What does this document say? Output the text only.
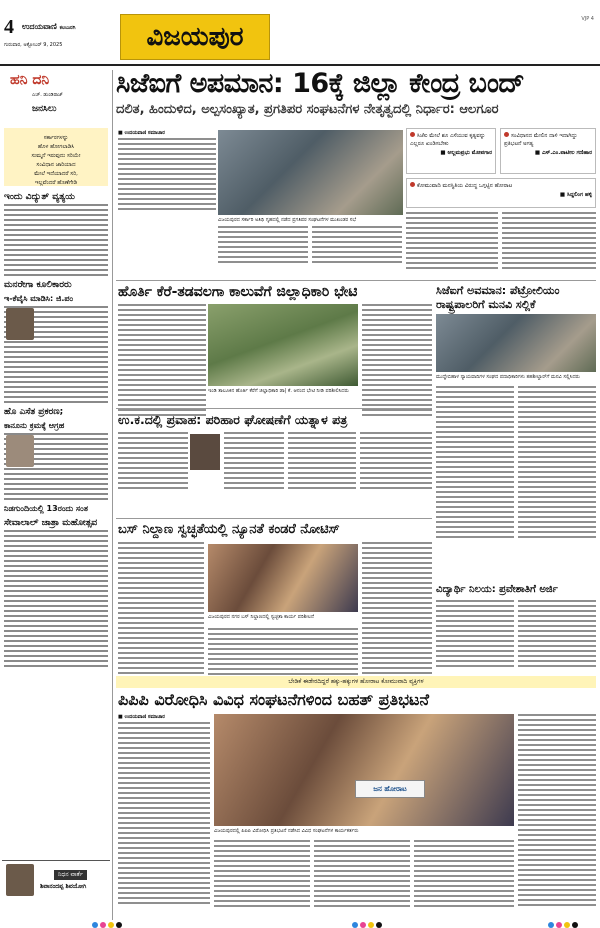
4 ಉದಯವಾಣಿ ಕಲಬುರಗಿ
ಗುರುವಾರ, ಅಕ್ಟೋಬರ್ 9, 2025	ವಿಜಯಪುರ
VJP 4
ಹನಿ ದನಿ
ಎಚ್. ಡುಂಡಿರಾಜ್
ಜನಸಿಲು

ಸರ್ಕಾರಗಳನ್ನು

ಹೊಳ ಹೋಗಲಾಡಿಸಿ

ಸುಮ್ಮನೆ ಇರುವುದು ಸರಿಯೇ

ಸಂವಿಧಾನ ಜಾರಿಯಾದ

ಮೇಲೆ ಇದೆಯಾದರೆ ಸರಿ,

ಇಲ್ಲವೆಂದರೆ ಹೊಣೆಗೇಡಿ

ಇಂದು ವಿದ್ಯುತ್ ವ್ಯತ್ಯಯ
ಮನರೇಗಾ ಕೂಲಿಕಾರರು
ಇ-ಕೆವೈಸಿ ಮಾಡಿಸಿ: ಜಿ.ಪಂ
ಹೊ ಎಸೆತ ಪ್ರಕರಣ;
ಕಾನೂನು ಕ್ರಮಕ್ಕೆ ಆಗ್ರಹ
ನಿಡಗುಂದಿಯಲ್ಲಿ 13ರಂದು ಸಂತ
ಸೇವಾಲಾಲ್ ಜಾತ್ರಾ ಮಹೋತ್ಸವ
ನಿಧನ ವಾರ್ತೆ
ಶಿವಾನಂದಪ್ಪ ಶಿವಯೋಗಿ
ಸಿಜೆಐಗೆ ಅಪಮಾನ: 16ಕ್ಕೆ ಜಿಲ್ಲಾ ಕೇಂದ್ರ ಬಂದ್
ದಲಿತ, ಹಿಂದುಳಿದ, ಅಲ್ಪಸಂಖ್ಯಾತ, ಪ್ರಗತಿಪರ ಸಂಘಟನೆಗಳ ನೇತೃತ್ವದಲ್ಲಿ ನಿರ್ಧಾರ: ಆಲಗೂರ
■ ಉದಯವಾಣಿ ಸಮಾಚಾರ
ವಿಜಯಪುರದ ಸರ್ಕಾರಿ ಅತಿಥಿ ಗೃಹದಲ್ಲಿ ನಡೆದ ಪ್ರಗತಿಪರ ಸಂಘಟನೆಗಳ ಮುಖಂಡರ ಸಭೆ
ಸಿಜೆಐ ಮೇಲೆ ಶೂ ಎಸೆಯುವ ಕೃತ್ಯವನ್ನು ಎಲ್ಲರೂ ಖಂಡಿಸಬೇಕು
■ ಅಲ್ಲಮಪ್ರಭು ಮೋಪಗಾರ
ಸಂವಿಧಾನದ ಮೇಲಿನ ದಾಳಿ ಇದಾಗಿದ್ದು ಪ್ರತಿಭಟನೆ ಅಗತ್ಯ
■ ಎಸ್.ಎಂ.ಪಾಟೀಲ ಗಣಿಹಾರ
ಕೋಮುವಾದಿ ಮನಸ್ಥಿತಿಯ ವಿರುದ್ಧ ಒಗ್ಗಟ್ಟಿನ ಹೋರಾಟ
■ ಸಿದ್ದಲಿಂಗ ಹಳ್ಳಿ
ಹೊರ್ತಿ ಕೆರೆ-ತಡವಲಗಾ ಕಾಲುವೆಗೆ ಜಿಲ್ಲಾಧಿಕಾರಿ ಭೇಟಿ
ಇಂಡಿ ತಾಲೂಕಿನ ಹೊರ್ತಿ ಕೆರೆಗೆ ಜಿಲ್ಲಾಧಿಕಾರಿ ಡಾ| ಕೆ. ಆನಂದ ಭೇಟಿ ನೀಡಿ ಪರಿಶೀಲಿಸಿದರು
ಸಿಜೆಐಗೆ ಅವಮಾನ: ಪೆಟ್ರೋಲಿಯಂ
ರಾಷ್ಟ್ರಪಾಲರಿಗೆ ಮನವಿ ಸಲ್ಲಿಕೆ
ಮುದ್ದೇಬಿಹಾಳ ನ್ಯಾಯವಾದಿಗಳ ಸಂಘದ ಪದಾಧಿಕಾರಿಗಳು ತಹಶೀಲ್ದಾರ್‌ಗೆ ಮನವಿ ಸಲ್ಲಿಸಿದರು
ಉ.ಕ.ದಲ್ಲಿ ಪ್ರವಾಹ: ಪರಿಹಾರ ಘೋಷಣೆಗೆ ಯತ್ನಾಳ ಪತ್ರ
ಬಸ್ ನಿಲ್ದಾಣ ಸ್ವಚ್ಛತೆಯಲ್ಲಿ ನ್ಯೂನತೆ ಕಂಡರೆ ನೋಟಿಸ್
ವಿಜಯಪುರದ ನಗರ ಬಸ್ ನಿಲ್ದಾಣದಲ್ಲಿ ಸ್ವಚ್ಛತಾ ಕಾರ್ಯ ಪರಿಶೀಲನೆ
ವಿದ್ಯಾರ್ಥಿ ನಿಲಯ: ಪ್ರವೇಶಾತಿಗೆ ಅರ್ಜಿ
ಬೇಡಿಕೆ ಈಡೇರದಿದ್ದರೆ ಹಕ್ಕು-ಹಕ್ಕುಗಳ ಹೋರಾಟ ಕೋಮುವಾದಿ ವ್ಯಕ್ತಿಗಳ
ಪಿಪಿಪಿ ವಿರೋಧಿಸಿ ವಿವಿಧ ಸಂಘಟನೆಗಳಿಂದ ಬಹತ್ ಪ್ರತಿಭಟನೆ
■ ಉದಯವಾಣಿ ಸಮಾಚಾರ
ಜನ ಹೋರಾಟ
ವಿಜಯಪುರದಲ್ಲಿ ಪಿಪಿಪಿ ವಿರೋಧಿಸಿ ಪ್ರತಿಭಟನೆ ನಡೆಸಿದ ವಿವಿಧ ಸಂಘಟನೆಗಳ ಕಾರ್ಯಕರ್ತರು
